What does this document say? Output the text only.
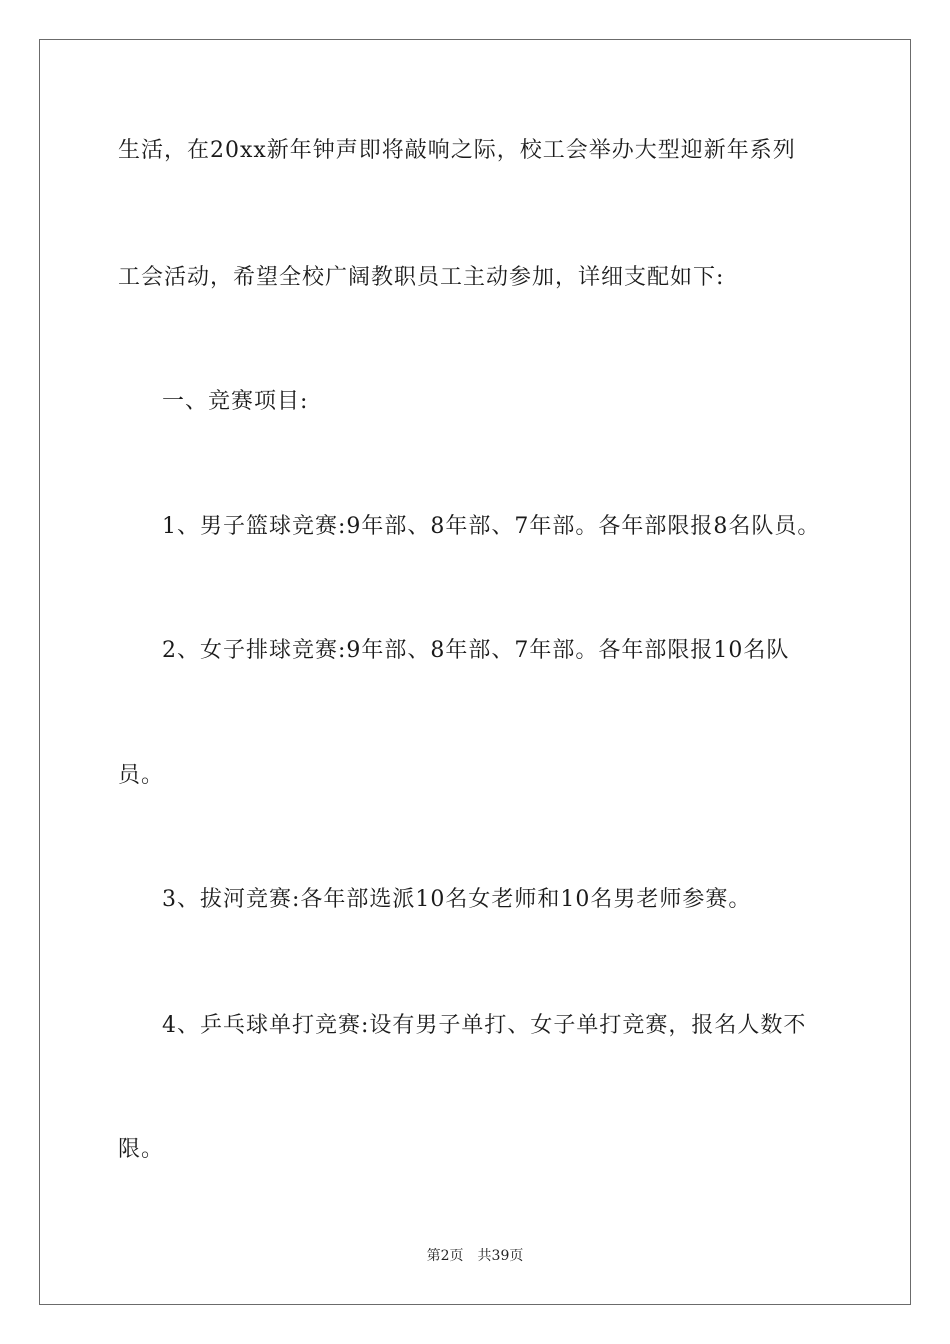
生活，在20xx新年钟声即将敲响之际，校工会举办大型迎新年系列
工会活动，希望全校广阔教职员工主动参加，详细支配如下:
一、竞赛项目:
1、男子篮球竞赛:9年部、8年部、7年部。各年部限报8名队员。
2、女子排球竞赛:9年部、8年部、7年部。各年部限报10名队
员。
3、拔河竞赛:各年部选派10名女老师和10名男老师参赛。
4、乒乓球单打竞赛:设有男子单打、女子单打竞赛，报名人数不
限。
第2页 共39页
